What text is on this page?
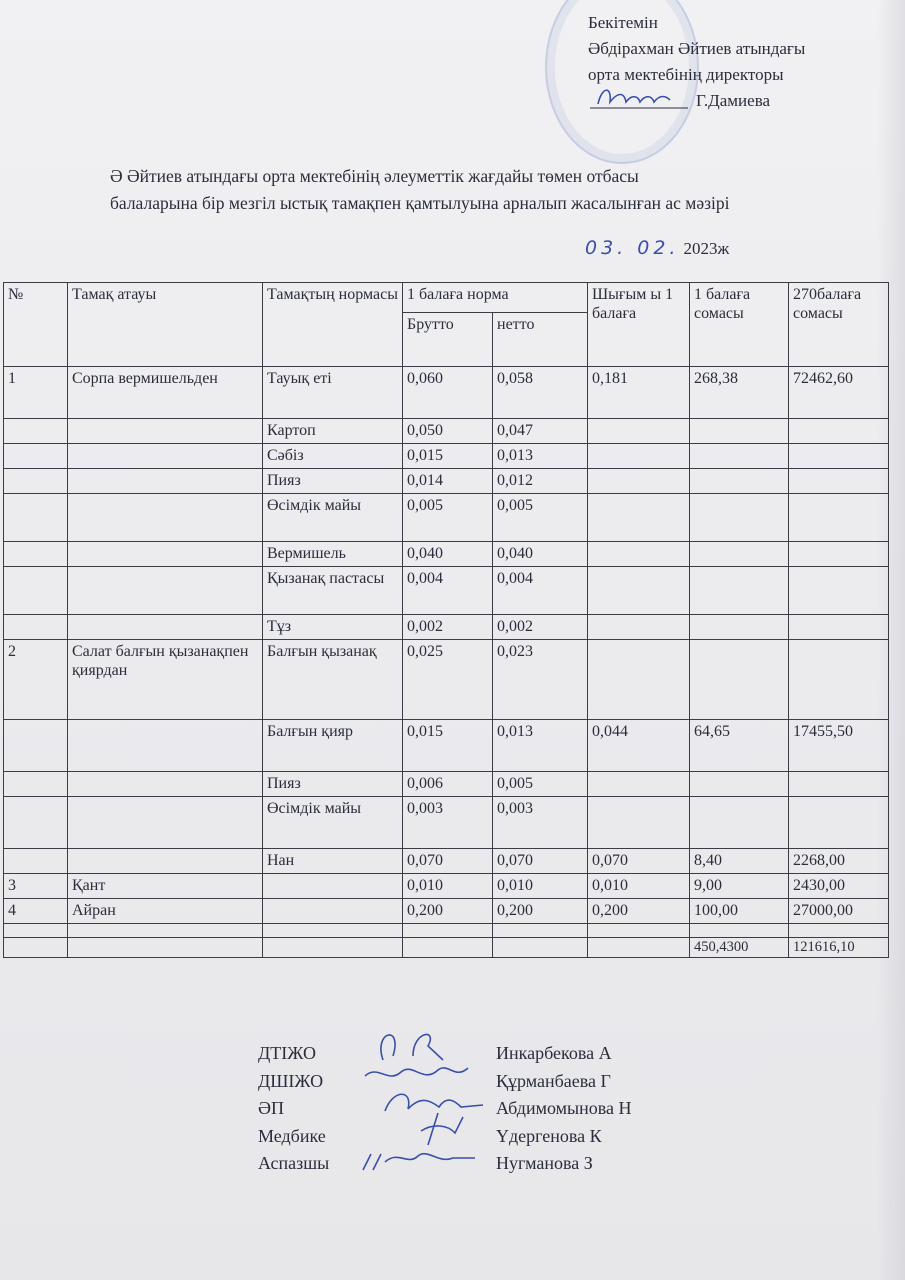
Бекітемін
Әбдірахман Әйтиев атындағы
орта мектебінің директоры
Г.Дамиева
Ә Әйтиев атындағы орта мектебінің әлеуметтік жағдайы төмен отбасы
балаларына бір мезгіл ыстық тамақпен қамтылуына арналып жасалынған ас мәзірі
03. 02. 2023ж
№	Тамақ атауы	Тамақтың нормасы	1 балаға норма		Шығым ы 1 балаға	1 балаға сомасы	270балаға сомасы
			Брутто	нетто			
1	Сорпа вермишельден	Тауық еті	0,060	0,058	0,181	268,38	72462,60
		Картоп	0,050	0,047			
		Сәбіз	0,015	0,013			
		Пияз	0,014	0,012			
		Өсімдік майы	0,005	0,005			
		Вермишель	0,040	0,040			
		Қызанақ пастасы	0,004	0,004			
		Тұз	0,002	0,002			
2	Салат балғын қызанақпен қиярдан	Балғын қызанақ	0,025	0,023			
		Балғын қияр	0,015	0,013	0,044	64,65	17455,50
		Пияз	0,006	0,005			
		Өсімдік майы	0,003	0,003			
		Нан	0,070	0,070	0,070	8,40	2268,00
3	Қант		0,010	0,010	0,010	9,00	2430,00
4	Айран		0,200	0,200	0,200	100,00	27000,00

						450,4300	121616,10
ДТІЖО	Инкарбекова А
ДШІЖО	Құрманбаева Г
ӘП	Абдимомынова Н
Медбике	Үдергенова К
Аспазшы	Нугманова З
